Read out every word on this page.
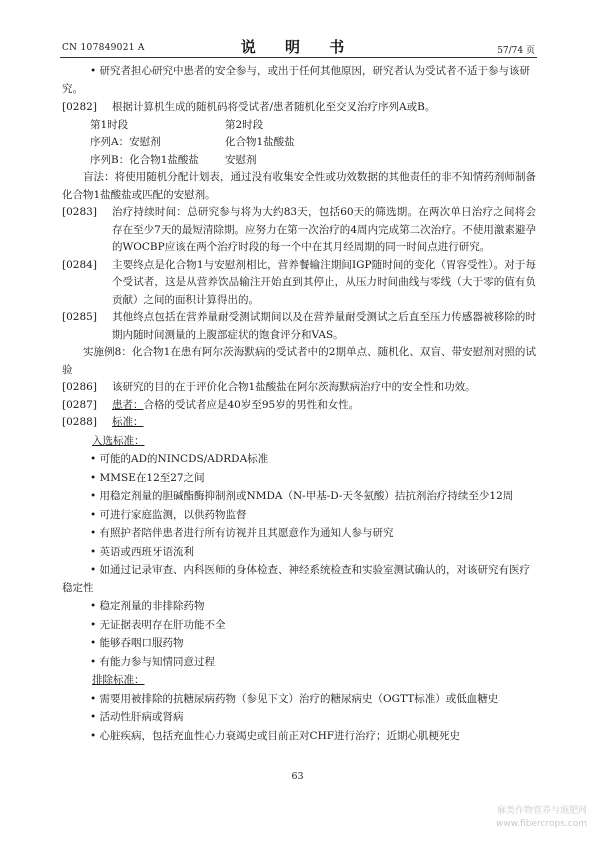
CN 107849021 A	说 明 书	57/74 页

• 研究者担心研究中患者的安全参与，或出于任何其他原因，研究者认为受试者不适于参与该研究。

[0282]	根据计算机生成的随机码将受试者/患者随机化至交叉治疗序列A或B。
第1时段	第2时段
序列A：安慰剂	化合物1盐酸盐
序列B：化合物1盐酸盐	安慰剂

盲法：将使用随机分配计划表，通过没有收集安全性或功效数据的其他责任的非不知情药剂师制备化合物1盐酸盐或匹配的安慰剂。

[0283]	治疗持续时间：总研究参与将为大约83天，包括60天的筛选期。在两次单日治疗之间将会存在至少7天的最短清除期。应努力在第一次治疗的4周内完成第二次治疗。不使用激素避孕的WOCBP应该在两个治疗时段的每一个中在其月经周期的同一时间点进行研究。
[0284]	主要终点是化合物1与安慰剂相比，营养餐输注期间IGP随时间的变化（胃容受性）。对于每个受试者，这是从营养饮品输注开始直到其停止，从压力时间曲线与零线（大于零的值有负贡献）之间的面积计算得出的。
[0285]	其他终点包括在营养量耐受测试期间以及在营养量耐受测试之后直至压力传感器被移除的时期内随时间测量的上腹部症状的饱食评分和VAS。

实施例8：化合物1在患有阿尔茨海默病的受试者中的2期单点、随机化、双盲、带安慰剂对照的试验

[0286]	该研究的目的在于评价化合物1盐酸盐在阿尔茨海默病治疗中的安全性和功效。
[0287]	患者：合格的受试者应是40岁至95岁的男性和女性。
[0288]	标准：
入选标准：

• 可能的AD的NINCDS/ADRDA标准

• MMSE在12至27之间

• 用稳定剂量的胆碱酯酶抑制剂或NMDA（N-甲基-D-天冬氨酸）拮抗剂治疗持续至少12周

• 可进行家庭监测，以供药物监督

• 有照护者陪伴患者进行所有访视并且其愿意作为通知人参与研究

• 英语或西班牙语流利

• 如通过记录审查、内科医师的身体检查、神经系统检查和实验室测试确认的，对该研究有医疗稳定性

• 稳定剂量的非排除药物

• 无证据表明存在肝功能不全

• 能够吞咽口服药物

• 有能力参与知情同意过程

排除标准：

• 需要用被排除的抗糖尿病药物（参见下文）治疗的糖尿病史（OGTT标准）或低血糖史

• 活动性肝病或肾病

• 心脏疾病，包括充血性心力衰竭史或目前正对CHF进行治疗；近期心肌梗死史

63
麻类作物营养与施肥网
www.fibercrops.com
